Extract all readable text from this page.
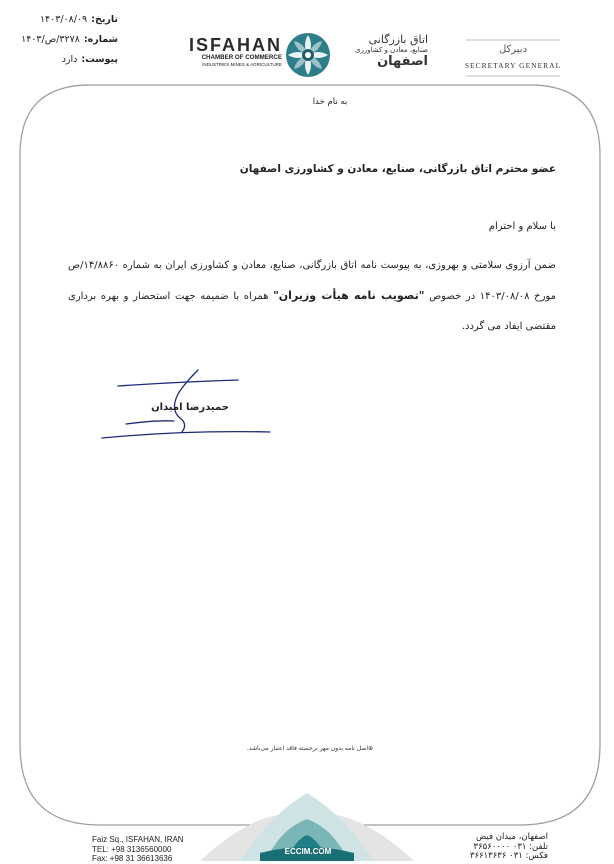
تاریخ:
۱۴۰۳/۰۸/۰۹
شماره:
۳۲۷۸/ص/۱۴۰۳
پیوست:
دارد
ISFAHAN
CHAMBER OF COMMERCE
INDUSTRIES,MINES & AGRICULTURE
اتاق بازرگانی
صنایع، معادن و کشاورزی
اصفهان
دبیرکل
SECRETARY GENERAL
به نام خدا
عضو محترم اتاق بازرگانی، صنایع، معادن و کشاورزی اصفهان
با سلام و احترام
ضمن آرزوی سلامتی و بهروزی، به پیوست نامه اتاق بازرگانی، صنایع، معادن و کشاورزی ایران به شماره ۱۴/۸۸۶۰/ص مورخ ۱۴۰۳/۰۸/۰۸ در خصوص "تصویب نامه هیأت وزیران" همراه با ضمیمه جهت استحضار و بهره برداری مقتضی ایفاد می گردد.
حمیدرضا امیدان
⊕اصل نامه بدون مهر برجسته فاقد اعتبار می‌باشد.
ECCIM.COM
Faiz Sq., ISFAHAN, IRAN
TEL: +98 3136560000
Fax: +98 31 36613636
اصفهان، میدان فیض
تلفن: ۰۳۱ ۳۶۵۶۰۰۰۰
فکس: ۰۳۱ ۳۶۶۱۳۶۳۶
